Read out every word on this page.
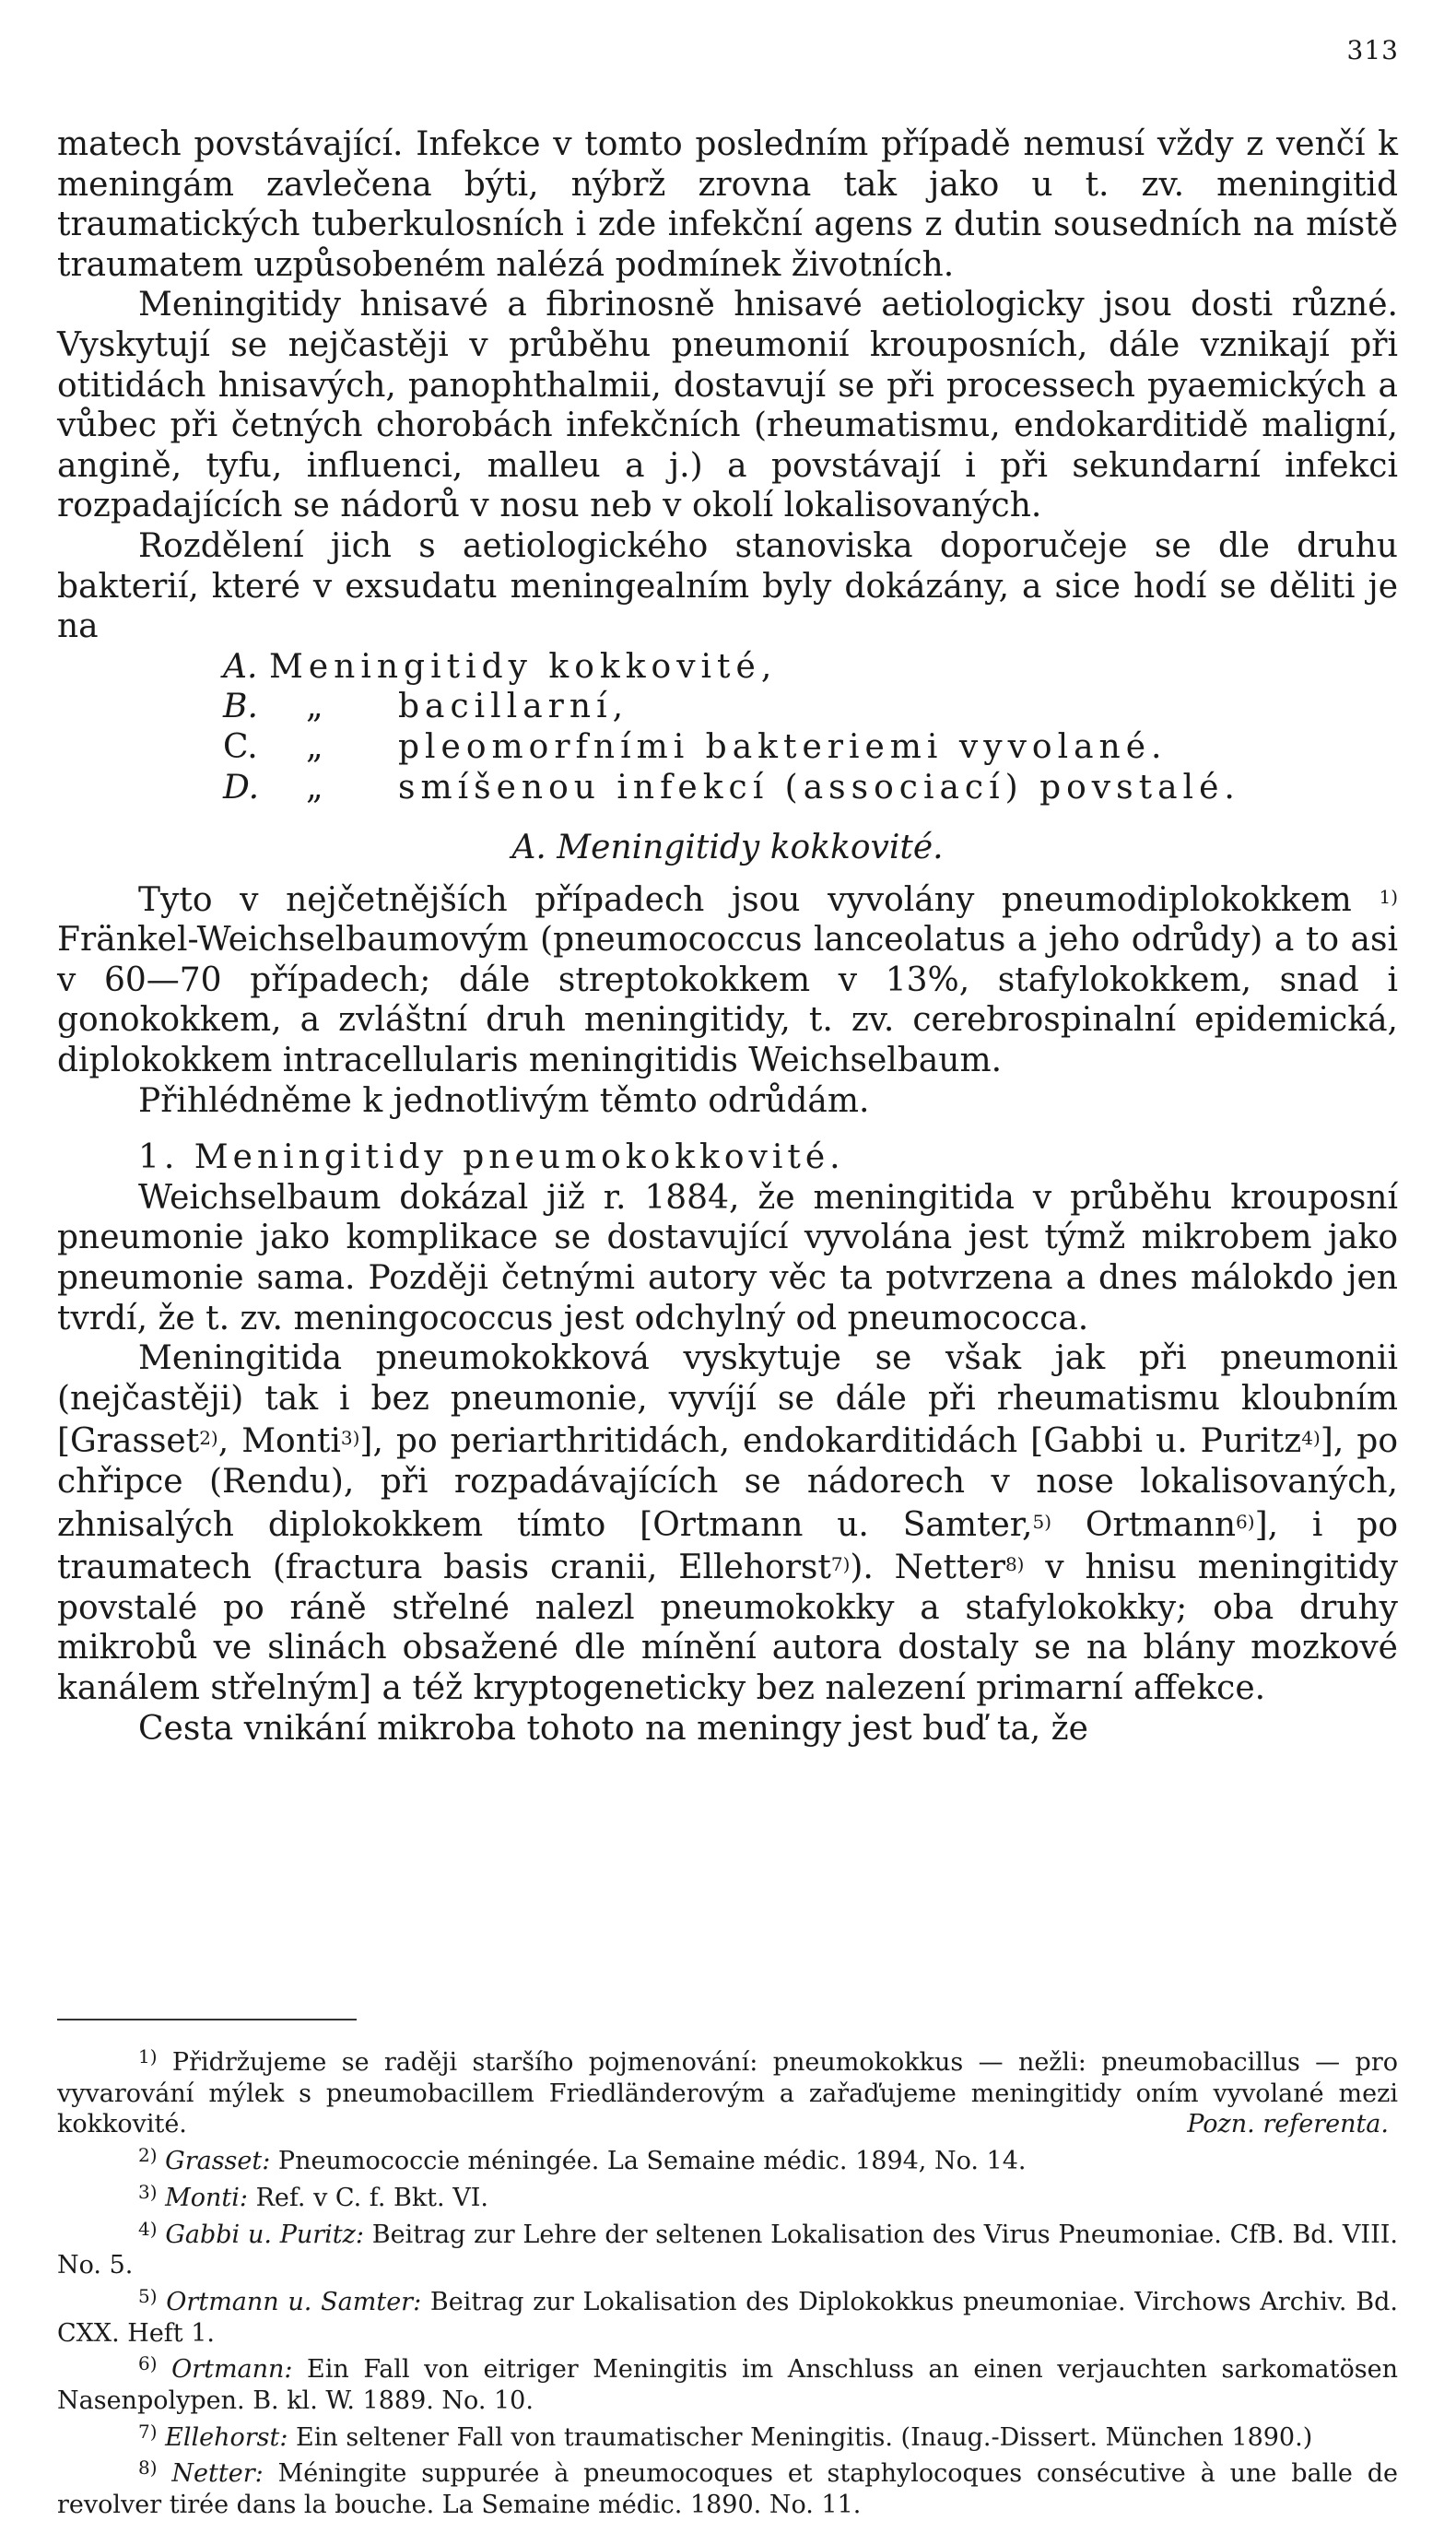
313

matech povstávající. Infekce v tomto posledním případě nemusí vždy z venčí k meningám zavlečena býti, nýbrž zrovna tak jako u t. zv. meningitid traumatických tuberkulosních i zde infekční agens z dutin sousedních na místě traumatem uzpůsobeném nalézá podmínek životních.

Meningitidy hnisavé a fibrinosně hnisavé aetiologicky jsou dosti různé. Vyskytují se nejčastěji v průběhu pneumonií krouposních, dále vznikají při otitidách hnisavých, panophthalmii, dostavují se při processech pyaemických a vůbec při četných chorobách infekčních (rheumatismu, endokarditidě maligní, angině, tyfu, influenci, malleu a j.) a povstávají i při sekundarní infekci rozpadajících se nádorů v nosu neb v okolí lokalisovaných.

Rozdělení jich s aetiologického stanoviska doporučeje se dle druhu bakterií, které v exsudatu meningealním byly dokázány, a sice hodí se děliti je na

A. Meningitidy kokkovité,
B.	„	bacillarní,
C.	„	pleomorfními bakteriemi vyvolané.
D.	„	smíšenou infekcí (associací) povstalé.
A. Meningitidy kokkovité.

Tyto v nejčetnějších případech jsou vyvolány pneumodiplokokkem $^{1)}$ Fränkel-Weichselbaumovým (pneumococcus lanceolatus a jeho odrůdy) a to asi v 60—70 případech; dále streptokokkem v 13%, stafylokokkem, snad i gonokokkem, a zvláštní druh meningitidy, t. zv. cerebrospinalní epidemická, diplokokkem intracellularis meningitidis Weichselbaum.

Přihlédněme k jednotlivým těmto odrůdám.

1. Meningitidy pneumokokkovité.

Weichselbaum dokázal již r. 1884, že meningitida v průběhu krouposní pneumonie jako komplikace se dostavující vyvolána jest týmž mikrobem jako pneumonie sama. Později četnými autory věc ta potvrzena a dnes málokdo jen tvrdí, že t. zv. meningococcus jest odchylný od pneumococca.

Meningitida pneumokokková vyskytuje se však jak při pneumonii (nejčastěji) tak i bez pneumonie, vyvíjí se dále při rheumatismu kloubním [Grasset$^{2)}$, Monti$^{3)}$], po periarthritidách, endokarditidách [Gabbi u. Puritz$^{4)}$], po chřipce (Rendu), při rozpadávajících se nádorech v nose lokalisovaných, zhnisalých diplokokkem tímto [Ortmann u. Samter,$^{5)}$ Ortmann$^{6)}$], i po traumatech (fractura basis cranii, Ellehorst$^{7)}$). Netter$^{8)}$ v hnisu meningitidy povstalé po ráně střelné nalezl pneumokokky a stafylokokky; oba druhy mikrobů ve slinách obsažené dle mínění autora dostaly se na blány mozkové kanálem střelným] a též kryptogeneticky bez nalezení primarní affekce.

Cesta vnikání mikroba tohoto na meningy jest buď ta, že

$^{1)}$ Přidržujeme se raději staršího pojmenování: pneumokokkus — nežli: pneumobacillus — pro vyvarování mýlek s pneumobacillem Friedländerovým a zařaďujeme meningitidy oním vyvolané mezi kokkovité.	Pozn. referenta.

$^{2)}$ Grasset: Pneumococcie méningée. La Semaine médic. 1894, No. 14.

$^{3)}$ Monti: Ref. v C. f. Bkt. VI.

$^{4)}$ Gabbi u. Puritz: Beitrag zur Lehre der seltenen Lokalisation des Virus Pneumoniae. CfB. Bd. VIII. No. 5.

$^{5)}$ Ortmann u. Samter: Beitrag zur Lokalisation des Diplokokkus pneumoniae. Virchows Archiv. Bd. CXX. Heft 1.

$^{6)}$ Ortmann: Ein Fall von eitriger Meningitis im Anschluss an einen verjauchten sarkomatösen Nasenpolypen. B. kl. W. 1889. No. 10.

$^{7)}$ Ellehorst: Ein seltener Fall von traumatischer Meningitis. (Inaug.-Dissert. München 1890.)

$^{8)}$ Netter: Méningite suppurée à pneumocoques et staphylocoques consécutive à une balle de revolver tirée dans la bouche. La Semaine médic. 1890. No. 11.
